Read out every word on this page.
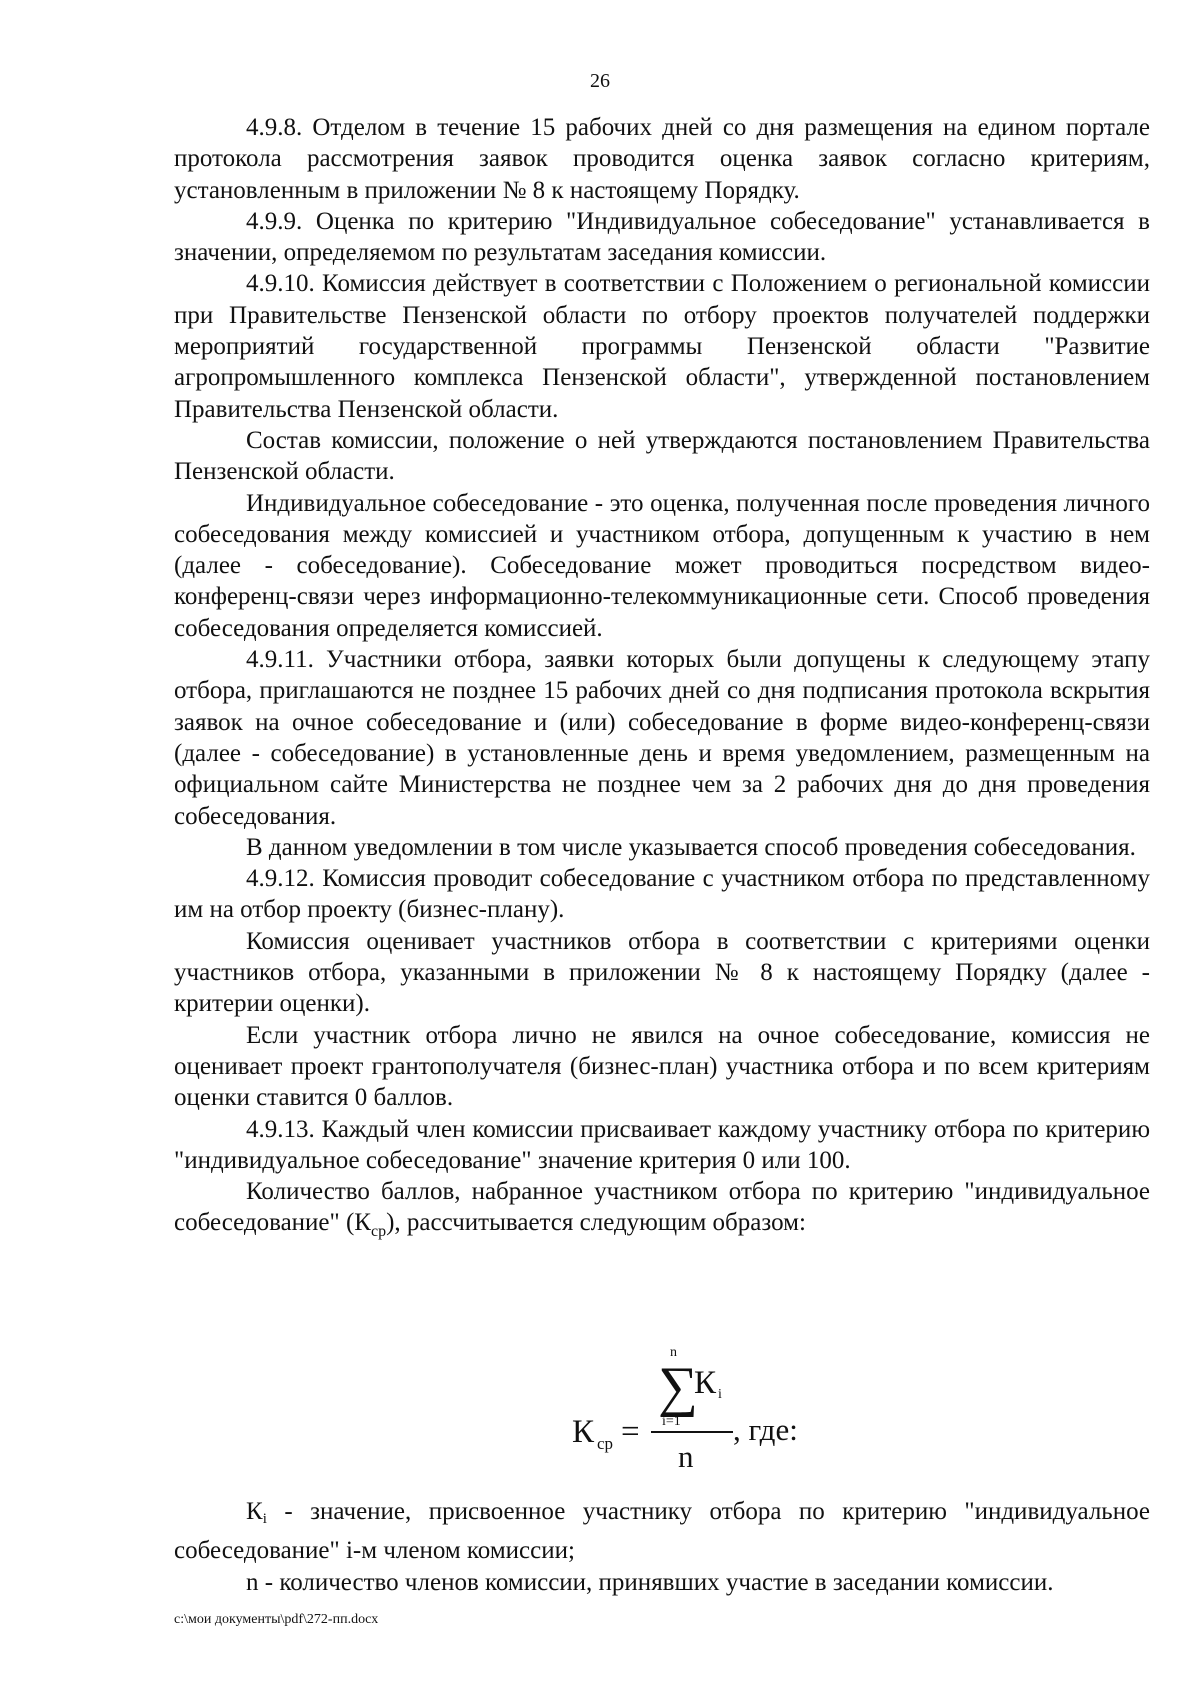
26

4.9.8. Отделом в течение 15 рабочих дней со дня размещения на едином портале протокола рассмотрения заявок проводится оценка заявок согласно критериям, установленным в приложении № 8 к настоящему Порядку.

4.9.9. Оценка по критерию "Индивидуальное собеседование" устанавливается в значении, определяемом по результатам заседания комиссии.

4.9.10. Комиссия действует в соответствии с Положением о региональной комиссии при Правительстве Пензенской области по отбору проектов получателей поддержки мероприятий государственной программы Пензенской области "Развитие агропромышленного комплекса Пензенской области", утвержденной постановлением Правительства Пензенской области.

Состав комиссии, положение о ней утверждаются постановлением Правительства Пензенской области.

Индивидуальное собеседование - это оценка, полученная после проведения личного собеседования между комиссией и участником отбора, допущенным к участию в нем (далее - собеседование). Собеседование может проводиться посредством видео-конференц-связи через информационно-телекоммуникационные сети. Способ проведения собеседования определяется комиссией.

4.9.11. Участники отбора, заявки которых были допущены к следующему этапу отбора, приглашаются не позднее 15 рабочих дней со дня подписания протокола вскрытия заявок на очное собеседование и (или) собеседование в форме видео-конференц-связи (далее - собеседование) в установленные день и время уведомлением, размещенным на официальном сайте Министерства не позднее чем за 2 рабочих дня до дня проведения собеседования.

В данном уведомлении в том числе указывается способ проведения собеседования.

4.9.12. Комиссия проводит собеседование с участником отбора по представленному им на отбор проекту (бизнес-плану).

Комиссия оценивает участников отбора в соответствии с критериями оценки участников отбора, указанными в приложении № 8 к настоящему Порядку (далее - критерии оценки).

Если участник отбора лично не явился на очное собеседование, комиссия не оценивает проект грантополучателя (бизнес-план) участника отбора и по всем критериям оценки ставится 0 баллов.

4.9.13. Каждый член комиссии присваивает каждому участнику отбора по критерию "индивидуальное собеседование" значение критерия 0 или 100.

Количество баллов, набранное участником отбора по критерию "индивидуальное собеседование" $(К_{ср})$, рассчитывается следующим образом:

К ср =
n
∑
i=1
К i
n
, где:

Кi - значение, присвоенное участнику отбора по критерию "индивидуальное собеседование" i-м членом комиссии;

n - количество членов комиссии, принявших участие в заседании комиссии.

c:\мои документы\pdf\272-пп.docx
